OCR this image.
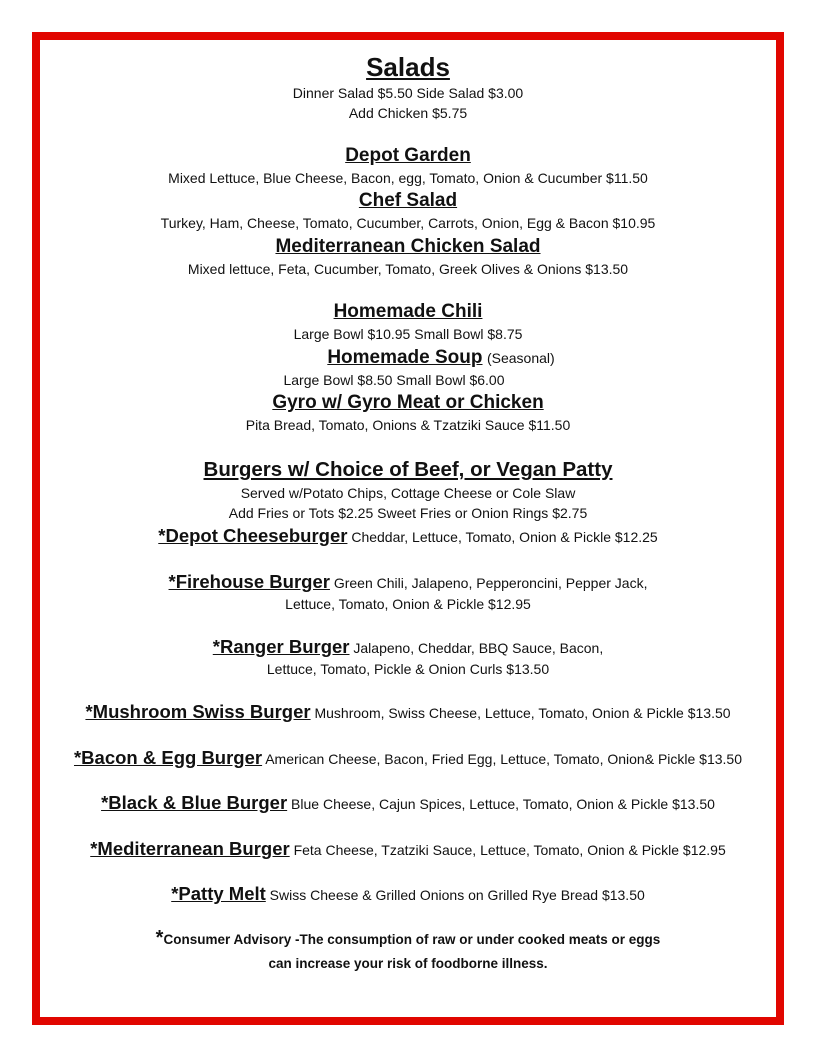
Salads
Dinner Salad $5.50 Side Salad $3.00
Add Chicken $5.75
Depot Garden
Mixed Lettuce, Blue Cheese, Bacon, egg, Tomato, Onion & Cucumber $11.50
Chef Salad
Turkey, Ham, Cheese, Tomato, Cucumber, Carrots, Onion, Egg & Bacon $10.95
Mediterranean Chicken Salad
Mixed lettuce, Feta, Cucumber, Tomato, Greek Olives & Onions $13.50
Homemade Chili
Large Bowl $10.95 Small Bowl $8.75
Homemade Soup (Seasonal)
Large Bowl $8.50 Small Bowl $6.00
Gyro w/ Gyro Meat or Chicken
Pita Bread, Tomato, Onions & Tzatziki Sauce $11.50
Burgers w/ Choice of Beef, or Vegan Patty
Served w/Potato Chips, Cottage Cheese or Cole Slaw
Add Fries or Tots $2.25 Sweet Fries or Onion Rings $2.75
*Depot Cheeseburger Cheddar, Lettuce, Tomato, Onion & Pickle $12.25
*Firehouse Burger Green Chili, Jalapeno, Pepperoncini, Pepper Jack,
Lettuce, Tomato, Onion & Pickle $12.95
*Ranger Burger Jalapeno, Cheddar, BBQ Sauce, Bacon,
Lettuce, Tomato, Pickle & Onion Curls $13.50
*Mushroom Swiss Burger Mushroom, Swiss Cheese, Lettuce, Tomato, Onion & Pickle $13.50
*Bacon & Egg Burger American Cheese, Bacon, Fried Egg, Lettuce, Tomato, Onion& Pickle $13.50
*Black & Blue Burger Blue Cheese, Cajun Spices, Lettuce, Tomato, Onion & Pickle $13.50
*Mediterranean Burger Feta Cheese, Tzatziki Sauce, Lettuce, Tomato, Onion & Pickle $12.95
*Patty Melt Swiss Cheese & Grilled Onions on Grilled Rye Bread $13.50
*Consumer Advisory -The consumption of raw or under cooked meats or eggs
can increase your risk of foodborne illness.
